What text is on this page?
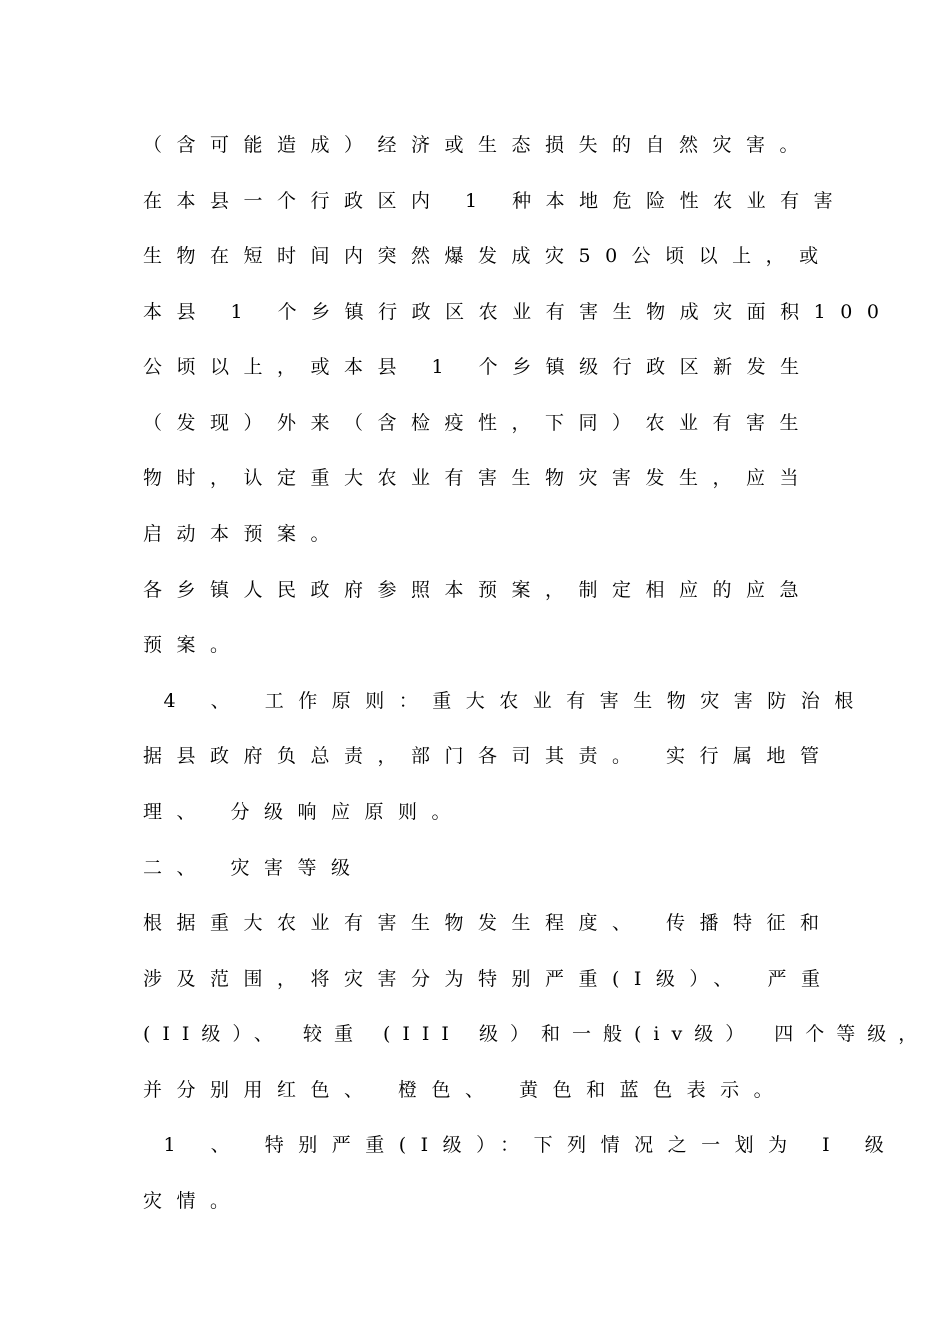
（含可能造成）经济或生态损失的自然灾害。
在本县一个行政区内 1 种本地危险性农业有害
生物在短时间内突然爆发成灾50公顷以上，或
本县 1 个乡镇行政区农业有害生物成灾面积100
公顷以上，或本县 1 个乡镇级行政区新发生
（发现）外来（含检疫性，下同）农业有害生
物时，认定重大农业有害生物灾害发生，应当
启动本预案。
各乡镇人民政府参照本预案，制定相应的应急
预案。
4 、 工作原则：重大农业有害生物灾害防治根
据县政府负总责，部门各司其责。 实行属地管
理、 分级响应原则。
二、 灾害等级
根据重大农业有害生物发生程度、 传播特征和
涉及范围，将灾害分为特别严重(I级）、 严重
(II级）、 较重 (III 级）和一般(iv级） 四个等级，
并分别用红色、 橙色、 黄色和蓝色表示。
1 、 特别严重(I级）：下列情况之一划为 I 级
灾情。
